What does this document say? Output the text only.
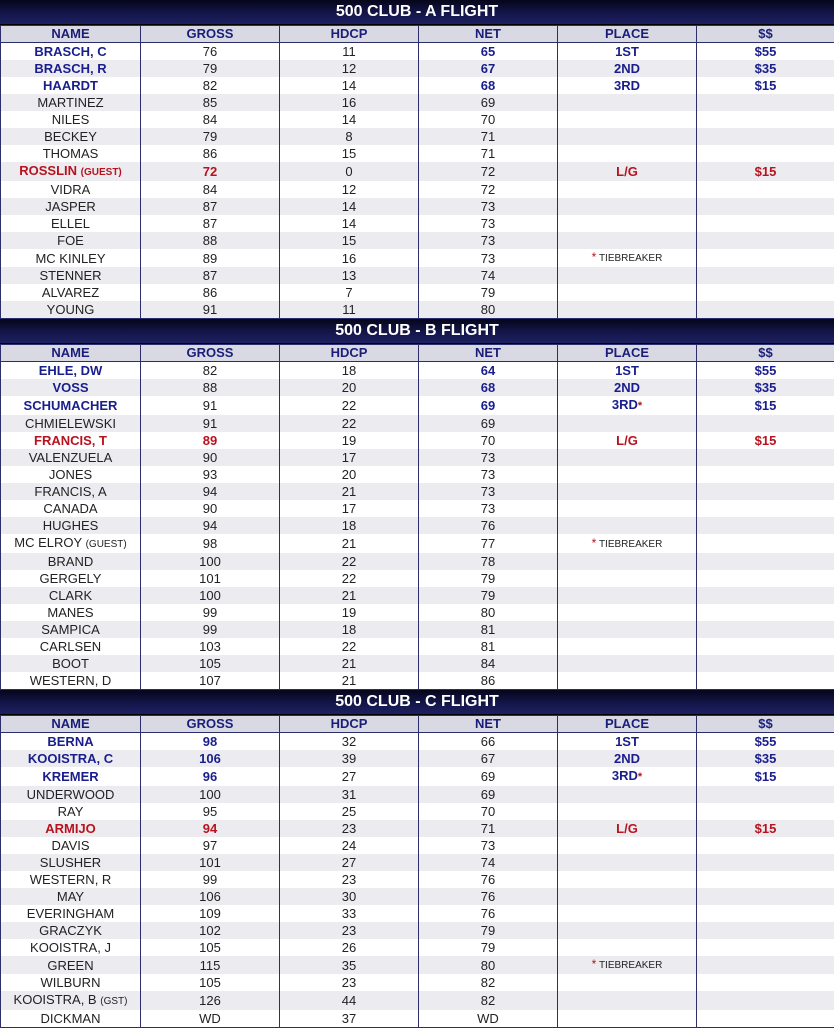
500 CLUB - A FLIGHT
NAME	GROSS	HDCP	NET	PLACE	$$
BRASCH, C	76	11	65	1ST	$55
BRASCH, R	79	12	67	2ND	$35
HAARDT	82	14	68	3RD	$15
MARTINEZ	85	16	69		
NILES	84	14	70		
BECKEY	79	8	71		
THOMAS	86	15	71		
ROSSLIN (GUEST)	72	0	72	L/G	$15
VIDRA	84	12	72		
JASPER	87	14	73		
ELLEL	87	14	73		
FOE	88	15	73		
MC KINLEY	89	16	73	* TIEBREAKER	
STENNER	87	13	74		
ALVAREZ	86	7	79		
YOUNG	91	11	80		
500 CLUB - B FLIGHT
NAME	GROSS	HDCP	NET	PLACE	$$
EHLE, DW	82	18	64	1ST	$55
VOSS	88	20	68	2ND	$35
SCHUMACHER	91	22	69	3RD*	$15
CHMIELEWSKI	91	22	69		
FRANCIS, T	89	19	70	L/G	$15
VALENZUELA	90	17	73		
JONES	93	20	73		
FRANCIS, A	94	21	73		
CANADA	90	17	73		
HUGHES	94	18	76		
MC ELROY (GUEST)	98	21	77	* TIEBREAKER	
BRAND	100	22	78		
GERGELY	101	22	79		
CLARK	100	21	79		
MANES	99	19	80		
SAMPICA	99	18	81		
CARLSEN	103	22	81		
BOOT	105	21	84		
WESTERN, D	107	21	86		
500 CLUB - C FLIGHT
NAME	GROSS	HDCP	NET	PLACE	$$
BERNA	98	32	66	1ST	$55
KOOISTRA, C	106	39	67	2ND	$35
KREMER	96	27	69	3RD*	$15
UNDERWOOD	100	31	69		
RAY	95	25	70		
ARMIJO	94	23	71	L/G	$15
DAVIS	97	24	73		
SLUSHER	101	27	74		
WESTERN, R	99	23	76		
MAY	106	30	76		
EVERINGHAM	109	33	76		
GRACZYK	102	23	79		
KOOISTRA, J	105	26	79		
GREEN	115	35	80	* TIEBREAKER	
WILBURN	105	23	82		
KOOISTRA, B (GST)	126	44	82		
DICKMAN	WD	37	WD		
